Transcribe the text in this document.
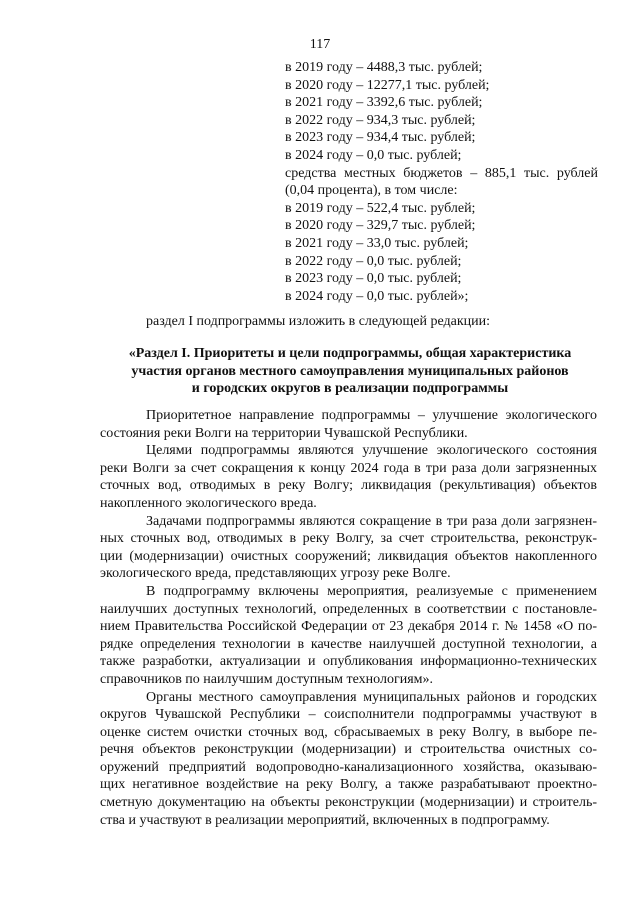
117
в 2019 году – 4488,3 тыс. рублей;
в 2020 году – 12277,1 тыс. рублей;
в 2021 году – 3392,6 тыс. рублей;
в 2022 году – 934,3 тыс. рублей;
в 2023 году – 934,4 тыс. рублей;
в 2024 году – 0,0 тыс. рублей;
средства местных бюджетов – 885,1 тыс. рублей
(0,04 процента), в том числе:
в 2019 году – 522,4 тыс. рублей;
в 2020 году – 329,7 тыс. рублей;
в 2021 году – 33,0 тыс. рублей;
в 2022 году – 0,0 тыс. рублей;
в 2023 году – 0,0 тыс. рублей;
в 2024 году – 0,0 тыс. рублей»;
раздел I подпрограммы изложить в следующей редакции:
«Раздел I. Приоритеты и цели подпрограммы, общая характеристика
участия органов местного самоуправления муниципальных районов
и городских округов в реализации подпрограммы
Приоритетное направление подпрограммы – улучшение экологического
состояния реки Волги на территории Чувашской Республики.
Целями подпрограммы являются улучшение экологического состояния
реки Волги за счет сокращения к концу 2024 года в три раза доли загрязненных
сточных вод, отводимых в реку Волгу; ликвидация (рекультивация) объектов
накопленного экологического вреда.
Задачами подпрограммы являются сокращение в три раза доли загрязнен-
ных сточных вод, отводимых в реку Волгу, за счет строительства, реконструк-
ции (модернизации) очистных сооружений; ликвидация объектов накопленного
экологического вреда, представляющих угрозу реке Волге.
В подпрограмму включены мероприятия, реализуемые с применением
наилучших доступных технологий, определенных в соответствии с постановле-
нием Правительства Российской Федерации от 23 декабря 2014 г. № 1458 «О по-
рядке определения технологии в качестве наилучшей доступной технологии, а
также разработки, актуализации и опубликования информационно-технических
справочников по наилучшим доступным технологиям».
Органы местного самоуправления муниципальных районов и городских
округов Чувашской Республики – соисполнители подпрограммы участвуют в
оценке систем очистки сточных вод, сбрасываемых в реку Волгу, в выборе пе-
речня объектов реконструкции (модернизации) и строительства очистных со-
оружений предприятий водопроводно-канализационного хозяйства, оказываю-
щих негативное воздействие на реку Волгу, а также разрабатывают проектно-
сметную документацию на объекты реконструкции (модернизации) и строитель-
ства и участвуют в реализации мероприятий, включенных в подпрограмму.
